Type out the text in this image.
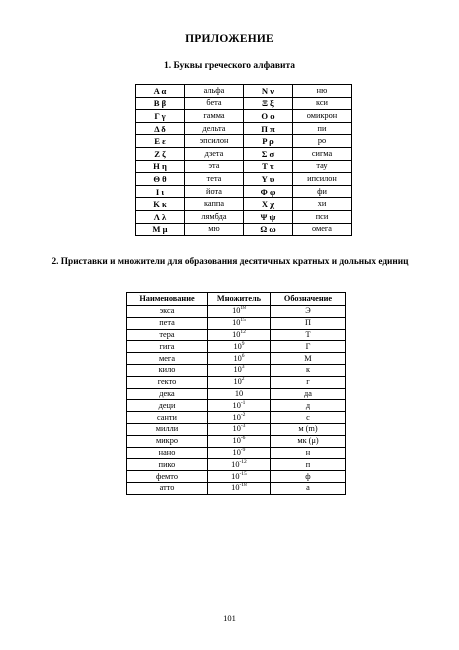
ПРИЛОЖЕНИЕ
1. Буквы греческого алфавита
Α α	альфа	Ν ν	ню
Β β	бета	Ξ ξ	кси
Γ γ	гамма	Ο ο	омикрон
Δ δ	дельта	Π π	пи
Ε ε	эпсилон	Ρ ρ	ро
Ζ ζ	дзета	Σ σ	сигма
Η η	эта	Τ τ	тау
Θ θ	тета	Υ υ	ипсилон
Ι ι	йота	Φ φ	фи
Κ κ	каппа	Χ χ	хи
Λ λ	лямбда	Ψ ψ	пси
Μ μ	мю	Ω ω	омега
2. Приставки и множители для образования десятичных кратных и дольных единиц
Наименование	Множитель	Обозначение
экса	$10^{18}$	Э
пета	$10^{15}$	П
тера	$10^{12}$	Т
гига	$10^9$	Г
мега	$10^6$	М
кило	$10^3$	к
гекто	$10^2$	г
дека	10	да
деци	$10^{-1}$	д
санти	$10^{-2}$	с
милли	$10^{-3}$	м (m)
микро	$10^{-6}$	мк (μ)
нано	$10^{-9}$	н
пико	$10^{-12}$	п
фемто	$10^{-15}$	ф
атто	$10^{-18}$	а
101
